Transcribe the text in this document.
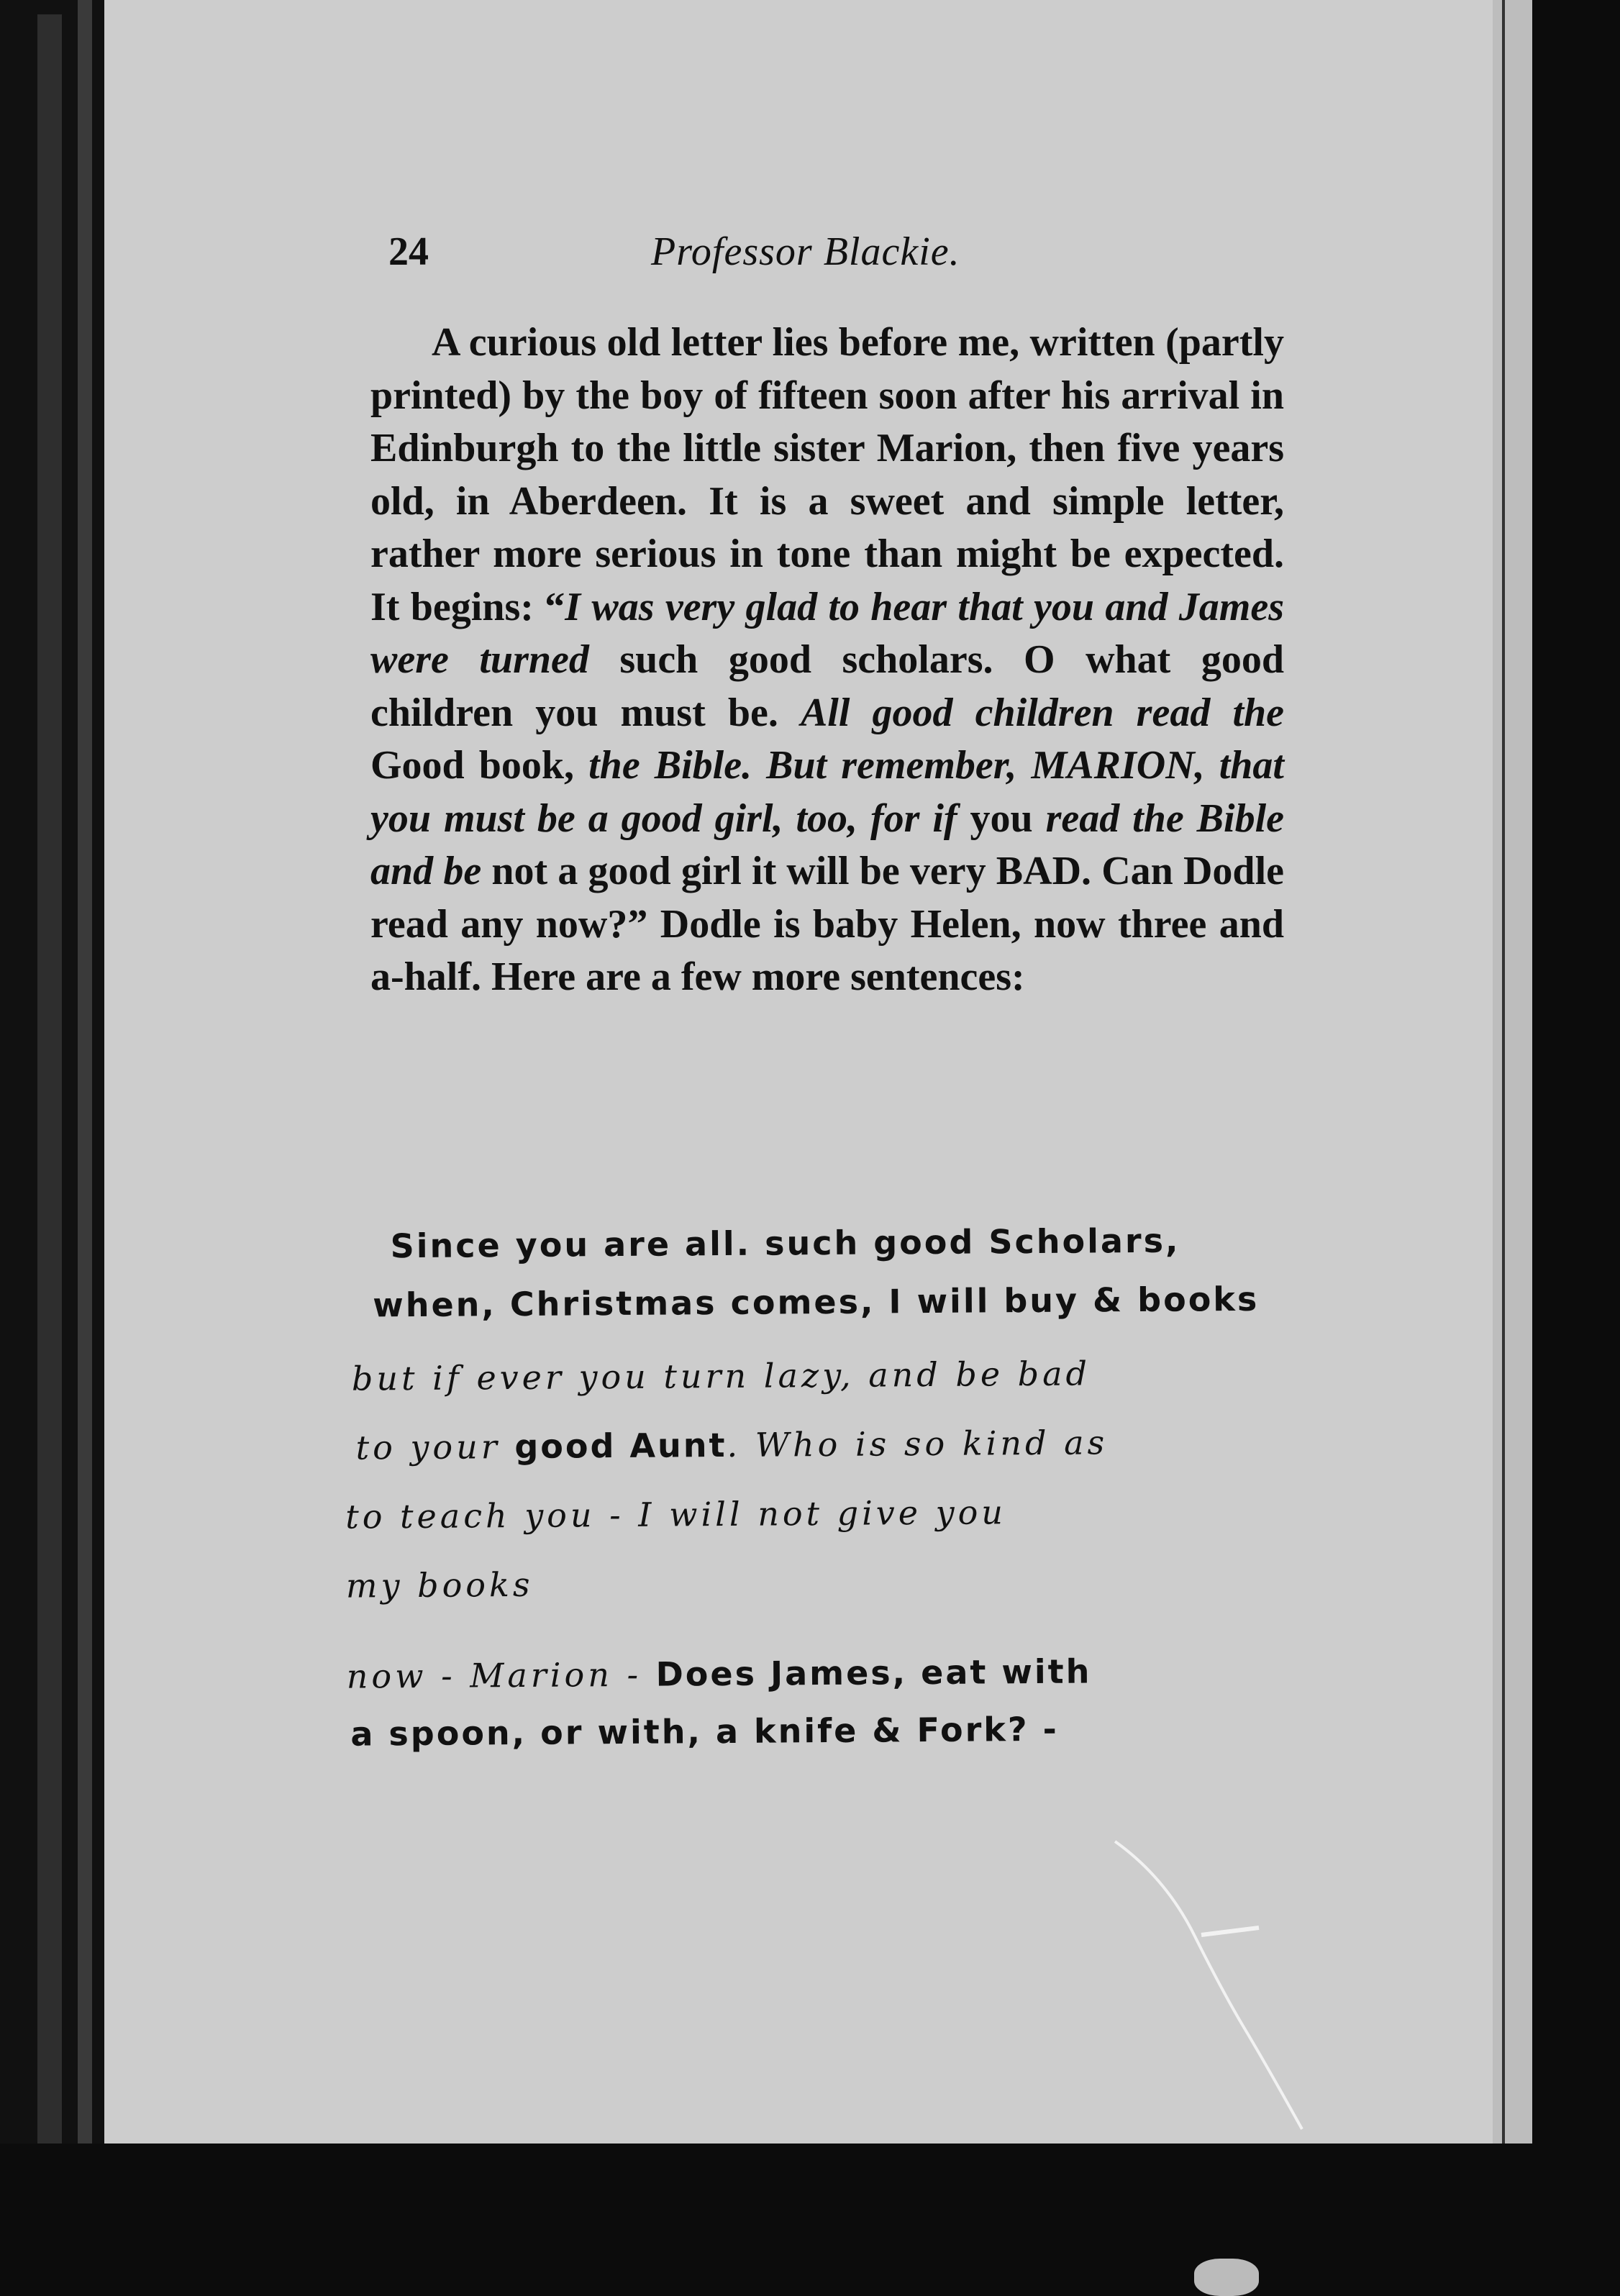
24	Professor Blackie.

A curious old letter lies before me, written (partly printed) by the boy of fifteen soon after his arrival in Edinburgh to the little sister Marion, then five years old, in Aberdeen. It is a sweet and simple letter, rather more serious in tone than might be expected. It begins: “I was very glad to hear that you and James were turned such good scholars. O what good children you must be. All good children read the Good book, the Bible. But remember, MARION, that you must be a good girl, too, for if you read the Bible and be not a good girl it will be very BAD. Can Dodle read any now?” Dodle is baby Helen, now three and a-half. Here are a few more sentences:

Since you are all. such good Scholars,

when, Christmas comes, I will buy & books

but if ever you turn lazy, and be bad

to your good Aunt. Who is so kind as

to teach you - I will not give you

my books

now - Marion - Does James, eat with

a spoon, or with, a knife & Fork? -
